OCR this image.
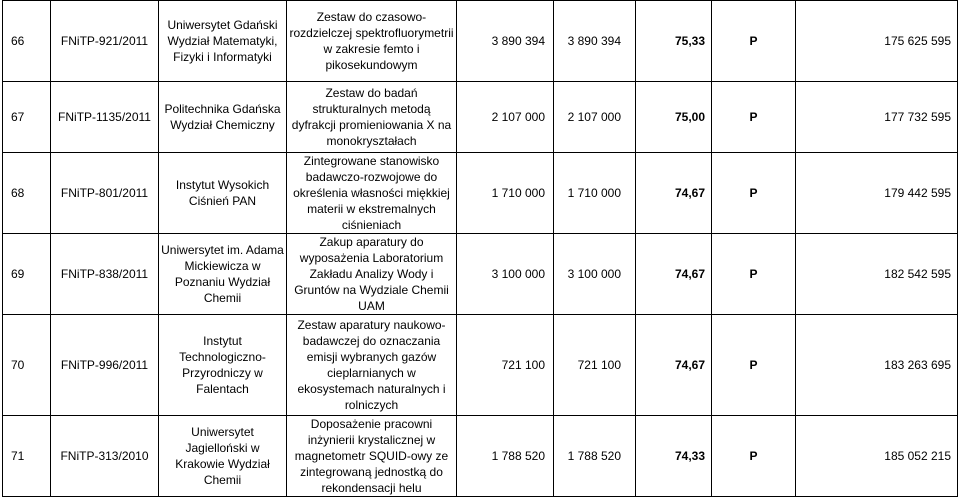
66	FNiTP-921/2011	Uniwersytet Gdański Wydział Matematyki, Fizyki i Informatyki	Zestaw do czasowo-rozdzielczej spektrofluorymetrii w zakresie femto i pikosekundowym	3 890 394	3 890 394	75,33	P	175 625 595
67	FNiTP-1135/2011	Politechnika Gdańska Wydział Chemiczny	Zestaw do badań strukturalnych metodą dyfrakcji promieniowania X na monokryształach	2 107 000	2 107 000	75,00	P	177 732 595
68	FNiTP-801/2011	Instytut Wysokich Ciśnień PAN	Zintegrowane stanowisko badawczo-rozwojowe do określenia własności miękkiej materii w ekstremalnych ciśnieniach	1 710 000	1 710 000	74,67	P	179 442 595
69	FNiTP-838/2011	Uniwersytet im. Adama Mickiewicza w Poznaniu Wydział Chemii	Zakup aparatury do wyposażenia Laboratorium Zakładu Analizy Wody i Gruntów na Wydziale Chemii UAM	3 100 000	3 100 000	74,67	P	182 542 595
70	FNiTP-996/2011	Instytut Technologiczno-Przyrodniczy w Falentach	Zestaw aparatury naukowo-badawczej do oznaczania emisji wybranych gazów cieplarnianych w ekosystemach naturalnych i rolniczych	721 100	721 100	74,67	P	183 263 695
71	FNiTP-313/2010	Uniwersytet Jagielloński w Krakowie Wydział Chemii	Doposażenie pracowni inżynierii krystalicznej w magnetometr SQUID-owy ze zintegrowaną jednostką do rekondensacji helu	1 788 520	1 788 520	74,33	P	185 052 215
